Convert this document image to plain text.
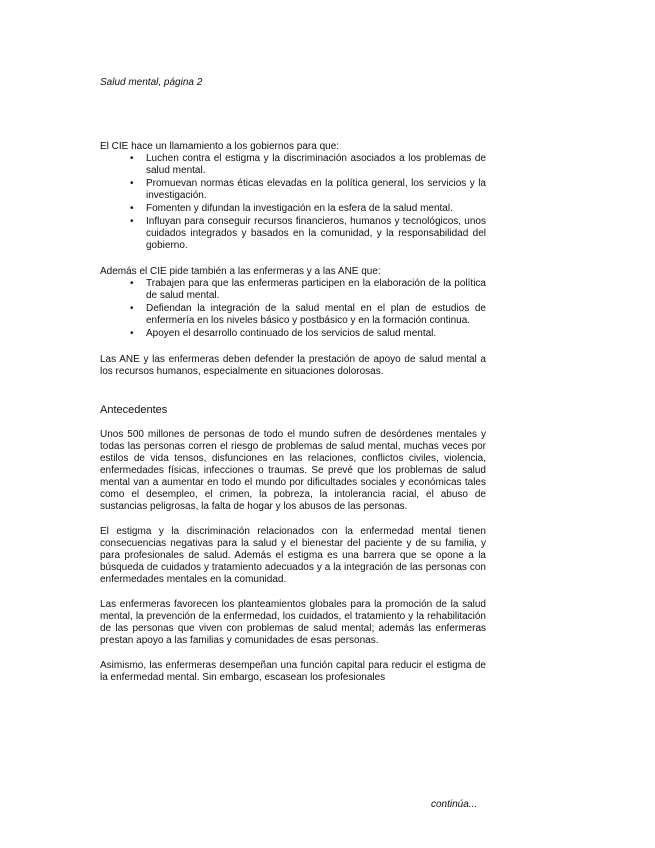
Salud mental, página 2

El CIE hace un llamamiento a los gobiernos para que:

•	Luchen contra el estigma y la discriminación asociados a los problemas de salud mental.
•	Promuevan normas éticas elevadas en la política general, los servicios y la investigación.
•	Fomenten y difundan la investigación en la esfera de la salud mental.
•	Influyan para conseguir recursos financieros, humanos y tecnológicos, unos cuidados integrados y basados en la comunidad, y la responsabilidad del gobierno.

Además el CIE pide también a las enfermeras y a las ANE que:

•	Trabajen para que las enfermeras participen en la elaboración de la política de salud mental.
•	Defiendan la integración de la salud mental en el plan de estudios de enfermería en los niveles básico y postbásico y en la formación continua.
•	Apoyen el desarrollo continuado de los servicios de salud mental.

Las ANE y las enfermeras deben defender la prestación de apoyo de salud mental a los recursos humanos, especialmente en situaciones dolorosas.

Antecedentes

Unos 500 millones de personas de todo el mundo sufren de desórdenes mentales y todas las personas corren el riesgo de problemas de salud mental, muchas veces por estilos de vida tensos, disfunciones en las relaciones, conflictos civiles, violencia, enfermedades físicas, infecciones o traumas. Se prevé que los problemas de salud mental van a aumentar en todo el mundo por dificultades sociales y económicas tales como el desempleo, el crimen, la pobreza, la intolerancia racial, el abuso de sustancias peligrosas, la falta de hogar y los abusos de las personas.

El estigma y la discriminación relacionados con la enfermedad mental tienen consecuencias negativas para la salud y el bienestar del paciente y de su familia, y para profesionales de salud. Además el estigma es una barrera que se opone a la búsqueda de cuidados y tratamiento adecuados y a la integración de las personas con enfermedades mentales en la comunidad.

Las enfermeras favorecen los planteamientos globales para la promoción de la salud mental, la prevención de la enfermedad, los cuidados, el tratamiento y la rehabilitación de las personas que viven con problemas de salud mental; además las enfermeras prestan apoyo a las familias y comunidades de esas personas.

Asimismo, las enfermeras desempeñan una función capital para reducir el estigma de la enfermedad mental. Sin embargo, escasean los profesionales

continúa...
